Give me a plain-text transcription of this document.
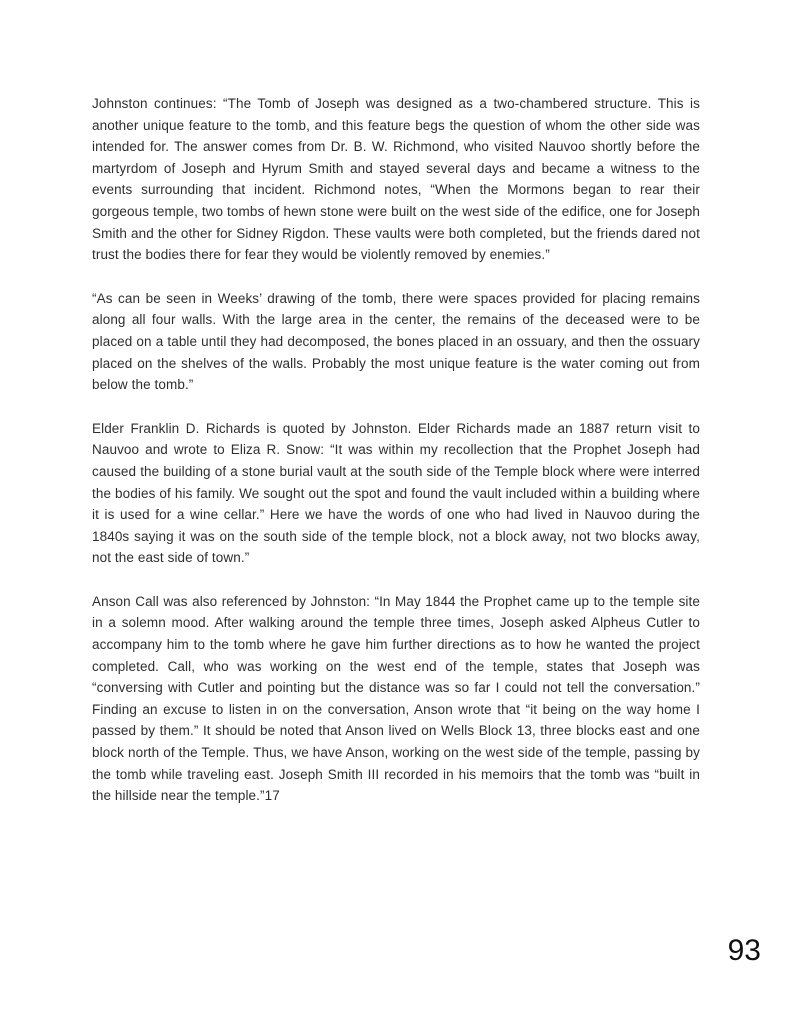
Johnston continues: “The Tomb of Joseph was designed as a two-chambered structure. This is another unique feature to the tomb, and this feature begs the question of whom the other side was intended for. The answer comes from Dr. B. W. Richmond, who visited Nauvoo shortly before the martyrdom of Joseph and Hyrum Smith and stayed several days and became a witness to the events surrounding that incident. Richmond notes, “When the Mormons began to rear their gorgeous temple, two tombs of hewn stone were built on the west side of the edifice, one for Joseph Smith and the other for Sidney Rigdon. These vaults were both completed, but the friends dared not trust the bodies there for fear they would be violently removed by enemies.”

“As can be seen in Weeks’ drawing of the tomb, there were spaces provided for placing remains along all four walls. With the large area in the center, the remains of the deceased were to be placed on a table until they had decomposed, the bones placed in an ossuary, and then the ossuary placed on the shelves of the walls. Probably the most unique feature is the water coming out from below the tomb.”

Elder Franklin D. Richards is quoted by Johnston. Elder Richards made an 1887 return visit to Nauvoo and wrote to Eliza R. Snow: “It was within my recollection that the Prophet Joseph had caused the building of a stone burial vault at the south side of the Temple block where were interred the bodies of his family. We sought out the spot and found the vault included within a building where it is used for a wine cellar.” Here we have the words of one who had lived in Nauvoo during the 1840s saying it was on the south side of the temple block, not a block away, not two blocks away, not the east side of town.”

Anson Call was also referenced by Johnston: “In May 1844 the Prophet came up to the temple site in a solemn mood. After walking around the temple three times, Joseph asked Alpheus Cutler to accompany him to the tomb where he gave him further directions as to how he wanted the project completed. Call, who was working on the west end of the temple, states that Joseph was “conversing with Cutler and pointing but the distance was so far I could not tell the conversation.” Finding an excuse to listen in on the conversation, Anson wrote that “it being on the way home I passed by them.” It should be noted that Anson lived on Wells Block 13, three blocks east and one block north of the Temple. Thus, we have Anson, working on the west side of the temple, passing by the tomb while traveling east. Joseph Smith III recorded in his memoirs that the tomb was “built in the hillside near the temple.”17

93
